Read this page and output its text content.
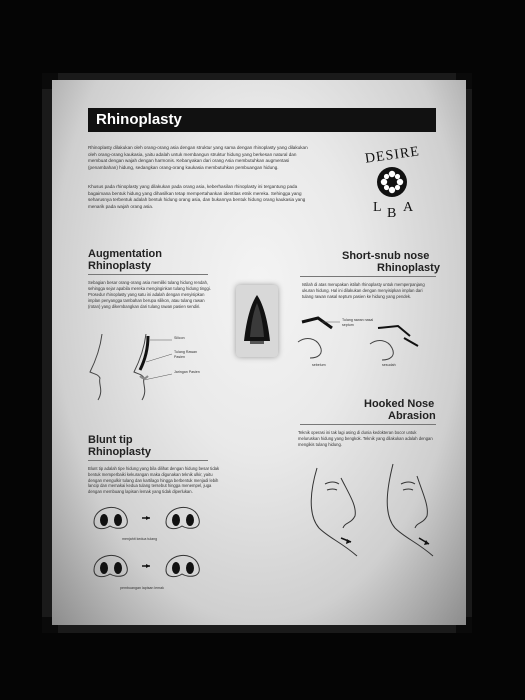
Rhinoplasty
Rhinoplasty dilakukan oleh orang-orang asia dengan struktur yang sama dengan rhinoplasty yang dilakukan oleh orang-orang kaukasia, yaitu adalah untuk membangun struktur hidung yang berkesan natural dan membuat dengan wajah dengan harmonis. Kebanyakan dari orang Asia membutuhkan augmentasi (penambahan) hidung, sedangkan orang-orang kaukasia membutuhkan pembuangan hidung.
Khusus pada rhinoplasty yang dilakukan pada orang asia, keberhasilan rhinoplasty ini tergantung pada bagaimana bentuk hidung yang dihasilkan tetap mempertahankan identitas etnik mereka. Sehingga yang seharusnya terbentuk adalah bentuk hidung orang asia, dan bukannya bentuk hidung orang kaukasia yang menarik pada wajah orang asia.
DESIRE
L B A
Augmentation
Rhinoplasty
Sebagian besar orang-orang asia memiliki tulang hidung rendah, sehingga sejar apabila mereka menginginkan tulang hidung tinggi. Prosedur rhinoplasty yang satu ini adalah dengan menyisipkan implan penyangga tambahan berupa silikon, atau tulang rawan (rotan) yang dikembangkan dari tulang rawan pasien sendiri.
Silicon
Tulang Rawan Pasien
Jaringan Pasien
Short-snub nose
Rhinoplasty
Istilah di atas merupakan istilah rhinoplasty untuk memperpanjang ukuran hidung. Hal ini dilakukan dengan menyisipkan implan dari tulang rawan nasal septum pasien ke hidung yang pendek.
Tulang rawan nasal septum
sebelum	sesudah
Hooked Nose
Abrasion
Teknik operasi ini tak lagi asing di dunia kedokteran bocor untuk meluruskan hidung yang bengkok. Teknik yang dilakukan adalah dengan mengikis tulang hidung.
Blunt tip
Rhinoplasty
Blunt tip adalah tipe hidung yang bila dilihat dengan hidung besar tidak bentuk memperbaiki kekurangan maka digunakan teknik ulkir, yaitu dengan mengulkir tulang dan kartilago hingga berbentuk menjadi lebih lancip dan memakai kedua tulang tersebut hingga menempel, juga dengan membuang lapisan lemak yang tidak diperlukan.
menjahit kedua tulang
pembuangan lapisan lemak
